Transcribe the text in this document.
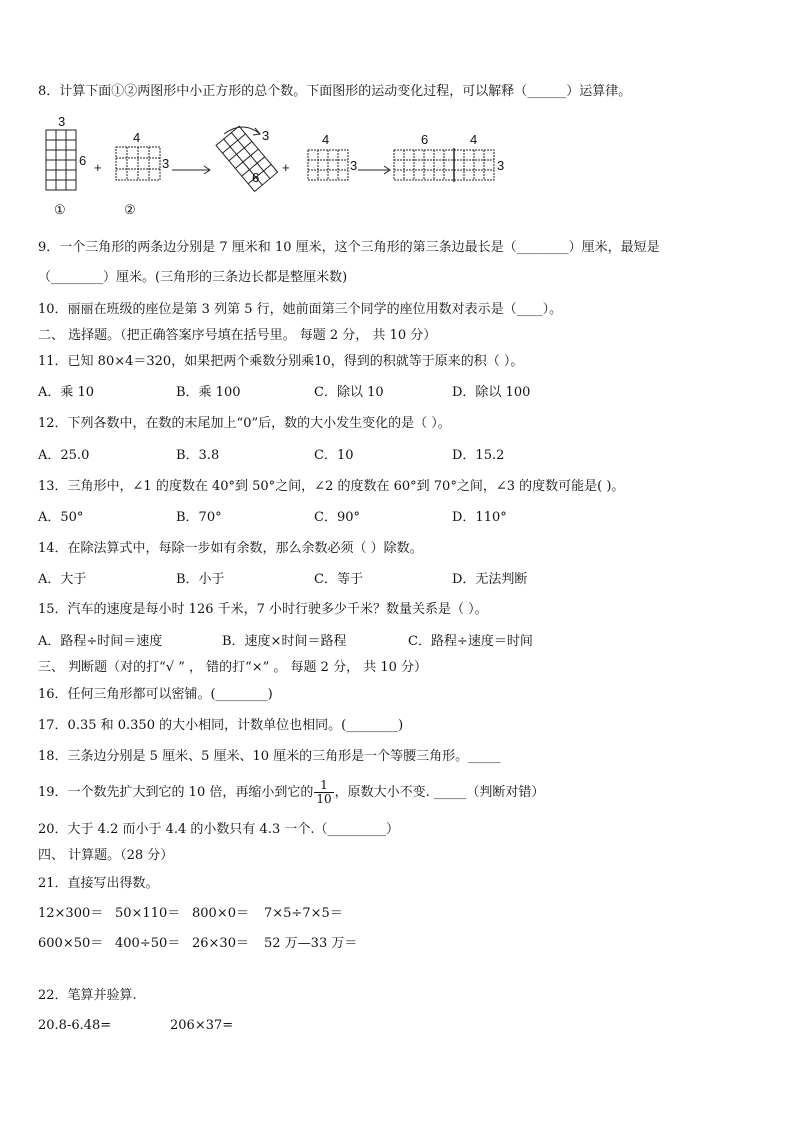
8．计算下面①②两图形中小正方形的总个数。下面图形的运动变化过程，可以解释（______）运算律。
3
6
①
+
4
3
②
3
6
+
4
3
6	4
3
9．一个三角形的两条边分别是 7 厘米和 10 厘米，这个三角形的第三条边最长是（________）厘米，最短是
（________）厘米。(三角形的三条边长都是整厘米数)
10．丽丽在班级的座位是第 3 列第 5 行，她前面第三个同学的座位用数对表示是（____）。
二、 选择题。（把正确答案序号填在括号里。 每题 2 分， 共 10 分）
11．已知 80×4＝320，如果把两个乘数分别乘10，得到的积就等于原来的积（ ）。
A．乘 10	B．乘 100	C．除以 10	D．除以 100
12．下列各数中，在数的末尾加上“0”后，数的大小发生变化的是（ ）。
A．25.0	B．3.8	C．10	D．15.2
13．三角形中，∠1 的度数在 40°到 50°之间，∠2 的度数在 60°到 70°之间，∠3 的度数可能是( )。
A．50°	B．70°	C．90°	D．110°
14．在除法算式中，每除一步如有余数，那么余数必须（ ）除数。
A．大于	B．小于	C．等于	D．无法判断
15．汽车的速度是每小时 126 千米，7 小时行驶多少千米？数量关系是（ ）。
A．路程÷时间＝速度	B．速度×时间＝路程	C．路程÷速度＝时间
三、 判断题（对的打“√ ” ， 错的打“×” 。 每题 2 分， 共 10 分）
16．任何三角形都可以密铺。(________)
17．0.35 和 0.350 的大小相同，计数单位也相同。(________)
18．三条边分别是 5 厘米、5 厘米、10 厘米的三角形是一个等腰三角形。_____
19．一个数先扩大到它的 10 倍，再缩小到它的 $\frac{1}{10}$ ，原数大小不变. _____（判断对错）
20．大于 4.2 而小于 4.4 的小数只有 4.3 一个.（_________）
四、 计算题。（28 分）
21．直接写出得数。
12×300＝ 50×110＝ 800×0＝ 7×5÷7×5＝
600×50＝ 400÷50＝ 26×30＝ 52 万—33 万＝
22．笔算并验算.
20.8-6.48=	206×37=
